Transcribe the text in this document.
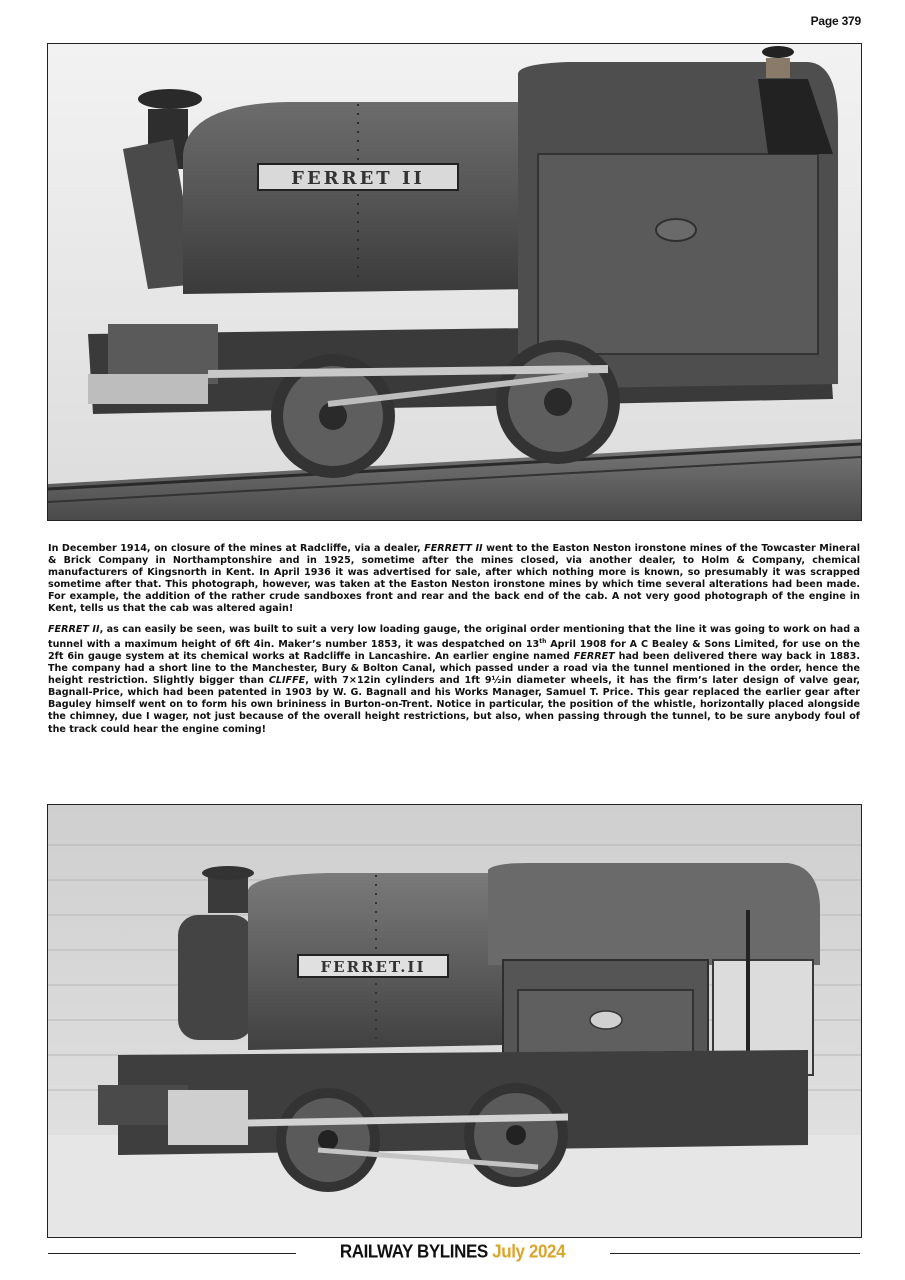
Page 379
FERRET II

In December 1914, on closure of the mines at Radcliffe, via a dealer, FERRETT II went to the Easton Neston ironstone mines of the Towcaster Mineral & Brick Company in Northamptonshire and in 1925, sometime after the mines closed, via another dealer, to Holm & Company, chemical manufacturers of Kingsnorth in Kent. In April 1936 it was advertised for sale, after which nothing more is known, so presumably it was scrapped sometime after that. This photograph, however, was taken at the Easton Neston ironstone mines by which time several alterations had been made. For example, the addition of the rather crude sandboxes front and rear and the back end of the cab. A not very good photograph of the engine in Kent, tells us that the cab was altered again!

FERRET II, as can easily be seen, was built to suit a very low loading gauge, the original order mentioning that the line it was going to work on had a tunnel with a maximum height of 6ft 4in. Maker’s number 1853, it was despatched on 13th April 1908 for A C Bealey & Sons Limited, for use on the 2ft 6in gauge system at its chemical works at Radcliffe in Lancashire. An earlier engine named FERRET had been delivered there way back in 1883. The company had a short line to the Manchester, Bury & Bolton Canal, which passed under a road via the tunnel mentioned in the order, hence the height restriction. Slightly bigger than CLIFFE, with 7×12in cylinders and 1ft 9½in diameter wheels, it has the firm’s later design of valve gear, Bagnall-Price, which had been patented in 1903 by W. G. Bagnall and his Works Manager, Samuel T. Price. This gear replaced the earlier gear after Baguley himself went on to form his own brininess in Burton-on-Trent. Notice in particular, the position of the whistle, horizontally placed alongside the chimney, due I wager, not just because of the overall height restrictions, but also, when passing through the tunnel, to be sure anybody foul of the track could hear the engine coming!

FERRET.II
RAILWAY BYLINES July 2024
